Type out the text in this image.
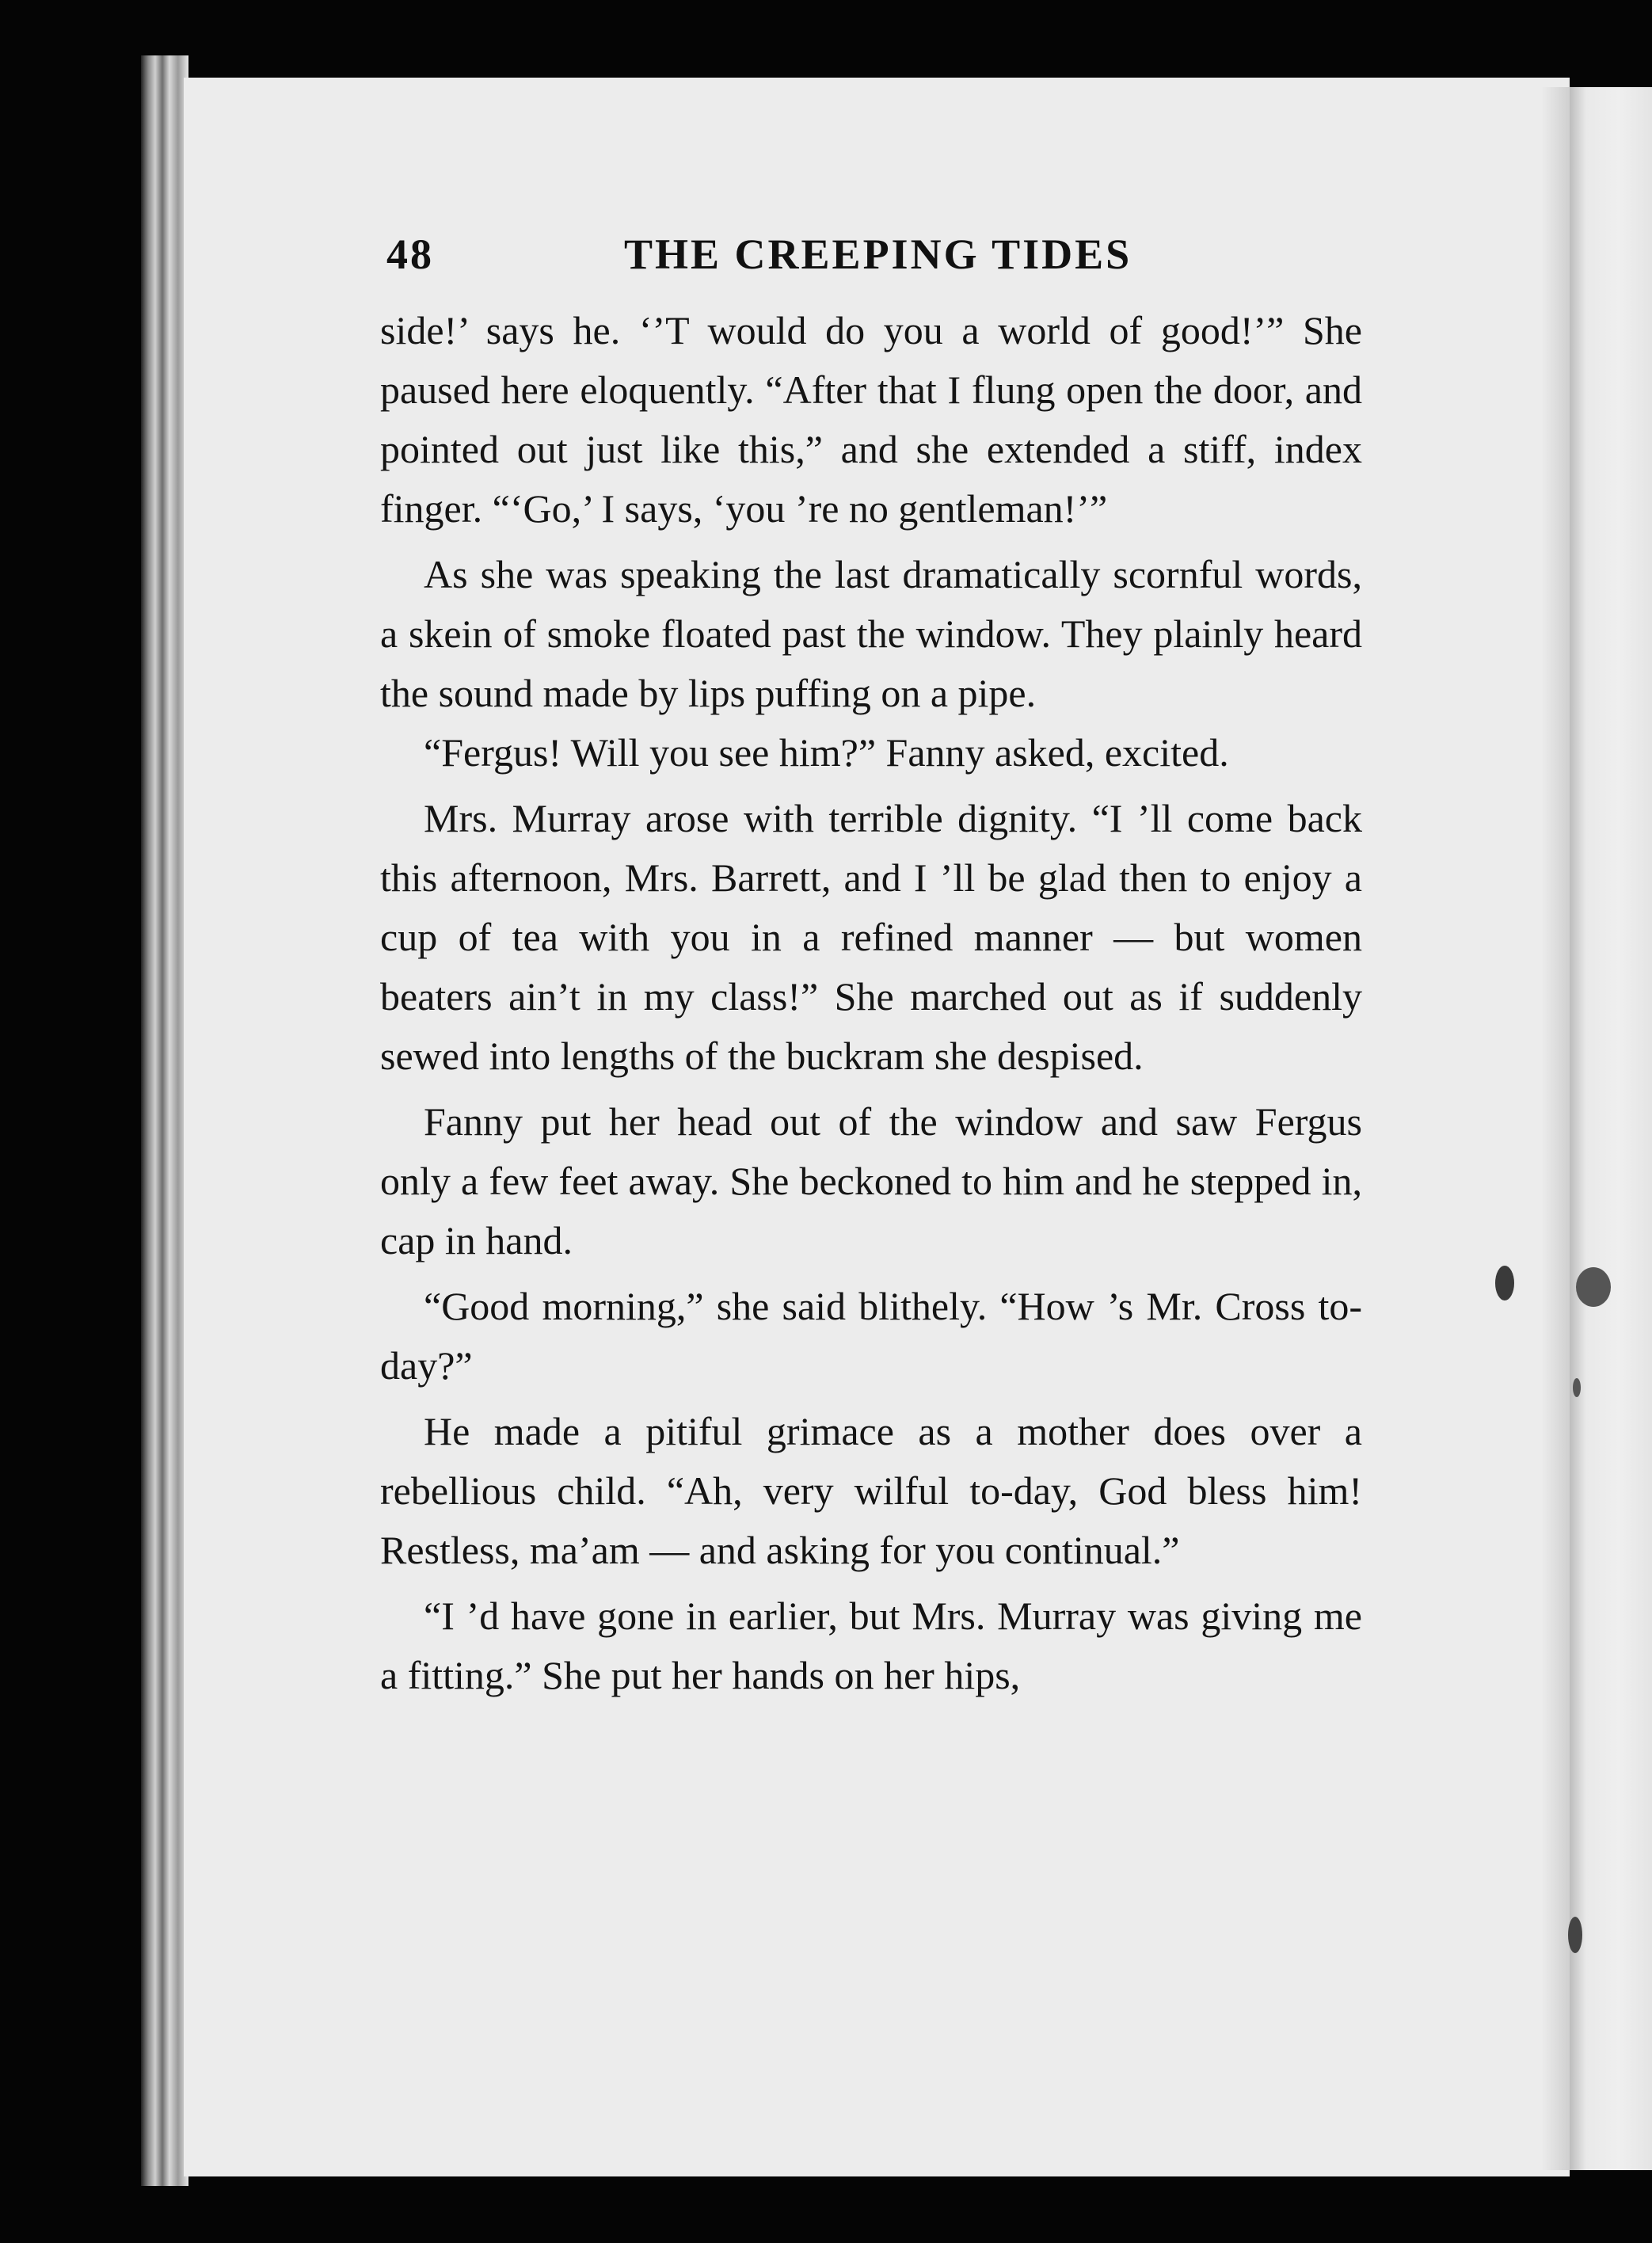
48	THE CREEPING TIDES

side!’ says he. ‘’T would do you a world of good!’” She paused here eloquently. “After that I flung open the door, and pointed out just like this,” and she extended a stiff, index finger. “‘Go,’ I says, ‘you ’re no gentleman!’”

As she was speaking the last dramatically scornful words, a skein of smoke floated past the window. They plainly heard the sound made by lips puffing on a pipe.

“Fergus! Will you see him?” Fanny asked, excited.

Mrs. Murray arose with terrible dignity. “I ’ll come back this afternoon, Mrs. Barrett, and I ’ll be glad then to enjoy a cup of tea with you in a refined manner — but women beaters ain’t in my class!” She marched out as if suddenly sewed into lengths of the buckram she despised.

Fanny put her head out of the window and saw Fergus only a few feet away. She beckoned to him and he stepped in, cap in hand.

“Good morning,” she said blithely. “How ’s Mr. Cross to-day?”

He made a pitiful grimace as a mother does over a rebellious child. “Ah, very wilful to-day, God bless him! Restless, ma’am — and asking for you continual.”

“I ’d have gone in earlier, but Mrs. Murray was giving me a fitting.” She put her hands on her hips,
